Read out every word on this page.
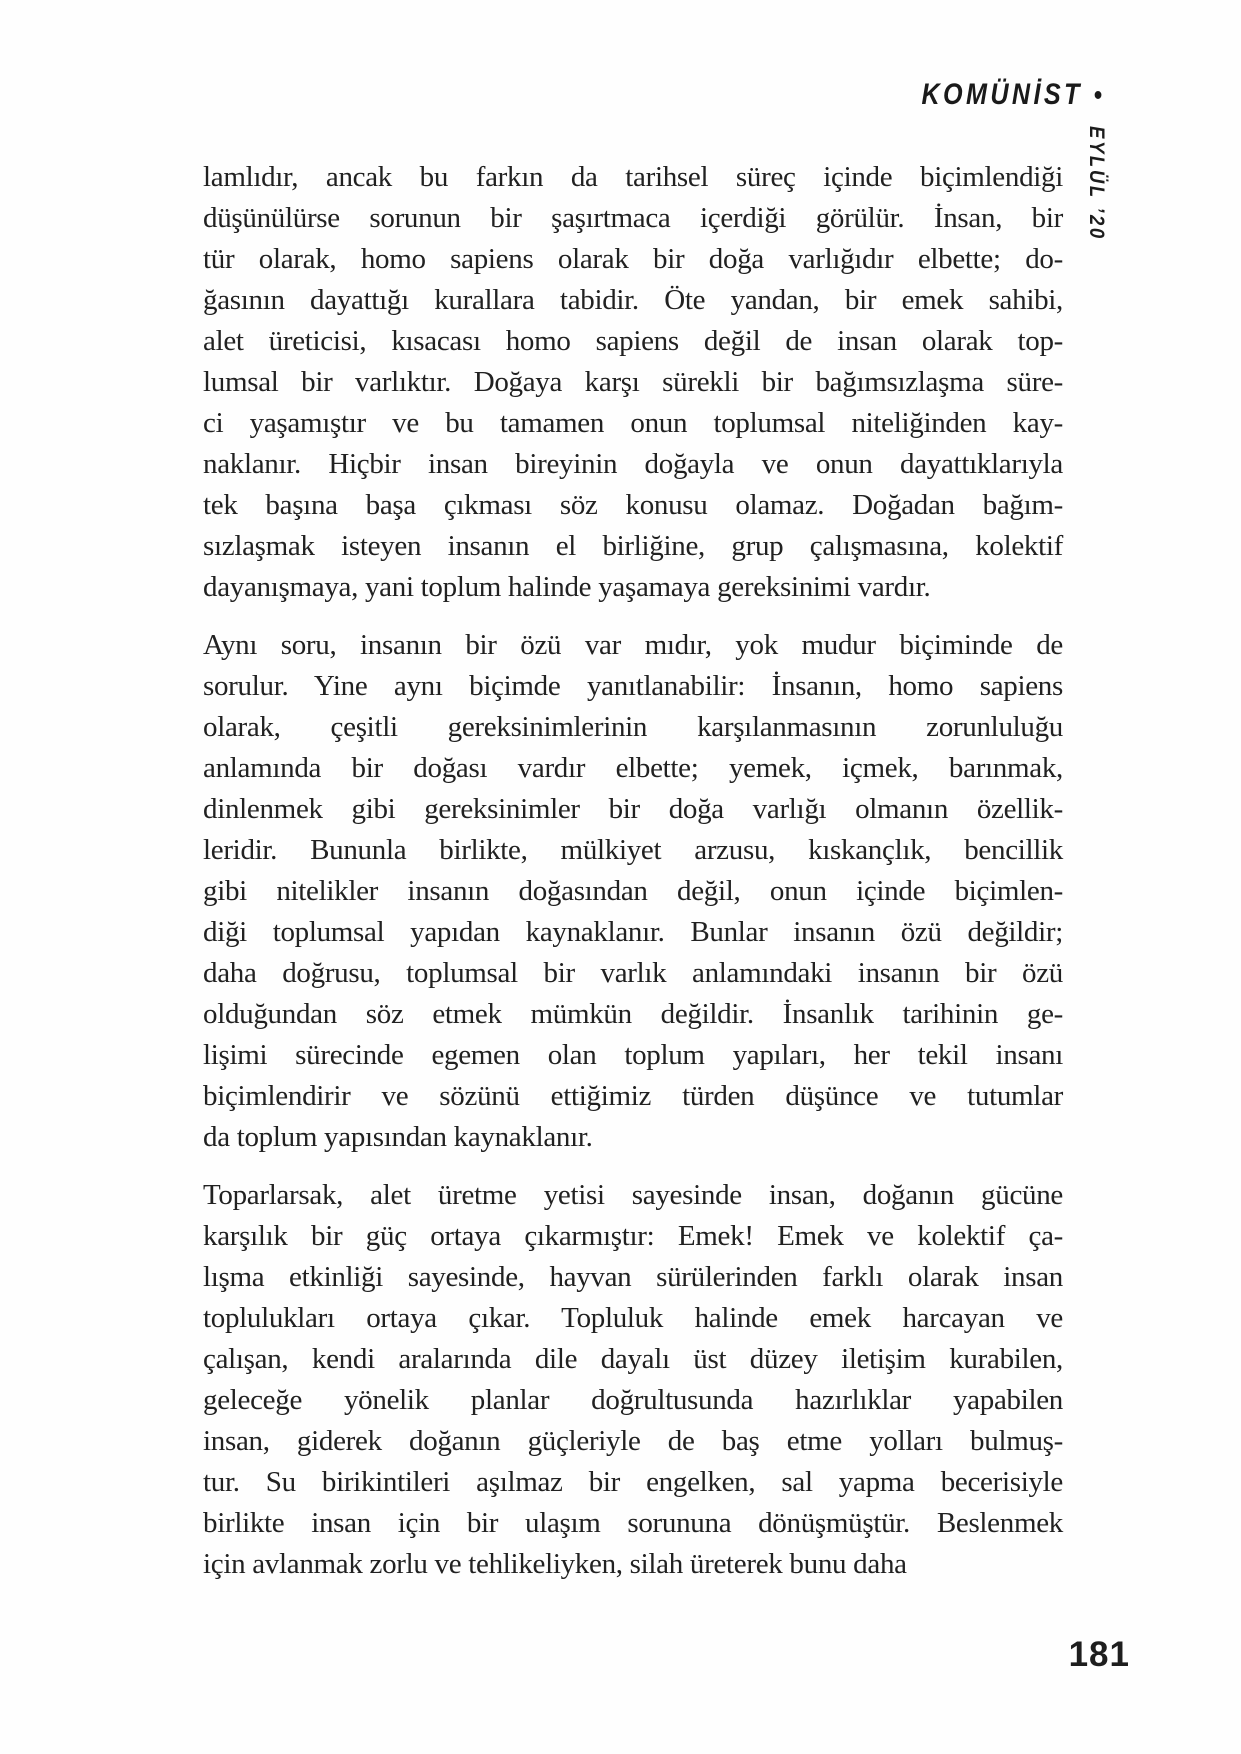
KOMÜNİST •
EYLÜL ’20
lamlıdır, ancak bu farkın da tarihsel süreç içinde biçimlendiği
düşünülürse sorunun bir şaşırtmaca içerdiği görülür. İnsan, bir
tür olarak, homo sapiens olarak bir doğa varlığıdır elbette; do-
ğasının dayattığı kurallara tabidir. Öte yandan, bir emek sahibi,
alet üreticisi, kısacası homo sapiens değil de insan olarak top-
lumsal bir varlıktır. Doğaya karşı sürekli bir bağımsızlaşma süre-
ci yaşamıştır ve bu tamamen onun toplumsal niteliğinden kay-
naklanır. Hiçbir insan bireyinin doğayla ve onun dayattıklarıyla
tek başına başa çıkması söz konusu olamaz. Doğadan bağım-
sızlaşmak isteyen insanın el birliğine, grup çalışmasına, kolektif
dayanışmaya, yani toplum halinde yaşamaya gereksinimi vardır.
Aynı soru, insanın bir özü var mıdır, yok mudur biçiminde de
sorulur. Yine aynı biçimde yanıtlanabilir: İnsanın, homo sapiens
olarak, çeşitli gereksinimlerinin karşılanmasının zorunluluğu
anlamında bir doğası vardır elbette; yemek, içmek, barınmak,
dinlenmek gibi gereksinimler bir doğa varlığı olmanın özellik-
leridir. Bununla birlikte, mülkiyet arzusu, kıskançlık, bencillik
gibi nitelikler insanın doğasından değil, onun içinde biçimlen-
diği toplumsal yapıdan kaynaklanır. Bunlar insanın özü değildir;
daha doğrusu, toplumsal bir varlık anlamındaki insanın bir özü
olduğundan söz etmek mümkün değildir. İnsanlık tarihinin ge-
lişimi sürecinde egemen olan toplum yapıları, her tekil insanı
biçimlendirir ve sözünü ettiğimiz türden düşünce ve tutumlar
da toplum yapısından kaynaklanır.
Toparlarsak, alet üretme yetisi sayesinde insan, doğanın gücüne
karşılık bir güç ortaya çıkarmıştır: Emek! Emek ve kolektif ça-
lışma etkinliği sayesinde, hayvan sürülerinden farklı olarak insan
toplulukları ortaya çıkar. Topluluk halinde emek harcayan ve
çalışan, kendi aralarında dile dayalı üst düzey iletişim kurabilen,
geleceğe yönelik planlar doğrultusunda hazırlıklar yapabilen
insan, giderek doğanın güçleriyle de baş etme yolları bulmuş-
tur. Su birikintileri aşılmaz bir engelken, sal yapma becerisiyle
birlikte insan için bir ulaşım sorununa dönüşmüştür. Beslenmek
için avlanmak zorlu ve tehlikeliyken, silah üreterek bunu daha
181
